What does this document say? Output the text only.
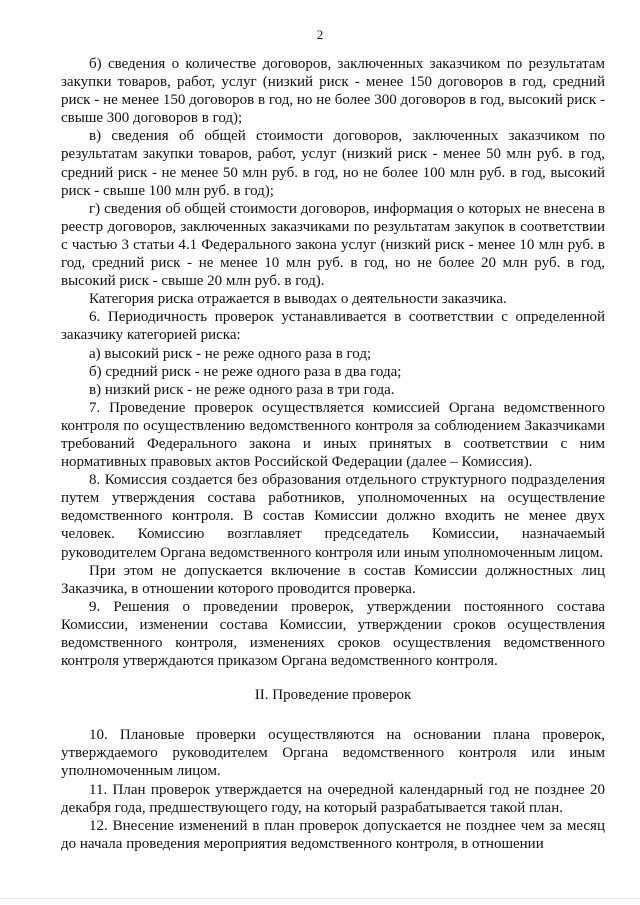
2

б) сведения о количестве договоров, заключенных заказчиком по результатам закупки товаров, работ, услуг (низкий риск - менее 150 договоров в год, средний риск - не менее 150 договоров в год, но не более 300 договоров в год, высокий риск - свыше 300 договоров в год);

в) сведения об общей стоимости договоров, заключенных заказчиком по результатам закупки товаров, работ, услуг (низкий риск - менее 50 млн руб. в год, средний риск - не менее 50 млн руб. в год, но не более 100 млн руб. в год, высокий риск - свыше 100 млн руб. в год);

г) сведения об общей стоимости договоров, информация о которых не внесена в реестр договоров, заключенных заказчиками по результатам закупок в соответствии с частью 3 статьи 4.1 Федерального закона услуг (низкий риск - менее 10 млн руб. в год, средний риск - не менее 10 млн руб. в год, но не более 20 млн руб. в год, высокий риск - свыше 20 млн руб. в год).

Категория риска отражается в выводах о деятельности заказчика.

6. Периодичность проверок устанавливается в соответствии с определенной заказчику категорией риска:

а) высокий риск - не реже одного раза в год;

б) средний риск - не реже одного раза в два года;

в) низкий риск - не реже одного раза в три года.

7. Проведение проверок осуществляется комиссией Органа ведомственного контроля по осуществлению ведомственного контроля за соблюдением Заказчиками требований Федерального закона и иных принятых в соответствии с ним нормативных правовых актов Российской Федерации (далее – Комиссия).

8. Комиссия создается без образования отдельного структурного подразделения путем утверждения состава работников, уполномоченных на осуществление ведомственного контроля. В состав Комиссии должно входить не менее двух человек. Комиссию возглавляет председатель Комиссии, назначаемый руководителем Органа ведомственного контроля или иным уполномоченным лицом.

При этом не допускается включение в состав Комиссии должностных лиц Заказчика, в отношении которого проводится проверка.

9. Решения о проведении проверок, утверждении постоянного состава Комиссии, изменении состава Комиссии, утверждении сроков осуществления ведомственного контроля, изменениях сроков осуществления ведомственного контроля утверждаются приказом Органа ведомственного контроля.

II. Проведение проверок

10. Плановые проверки осуществляются на основании плана проверок, утверждаемого руководителем Органа ведомственного контроля или иным уполномоченным лицом.

11. План проверок утверждается на очередной календарный год не позднее 20 декабря года, предшествующего году, на который разрабатывается такой план.

12. Внесение изменений в план проверок допускается не позднее чем за месяц до начала проведения мероприятия ведомственного контроля, в отношении
